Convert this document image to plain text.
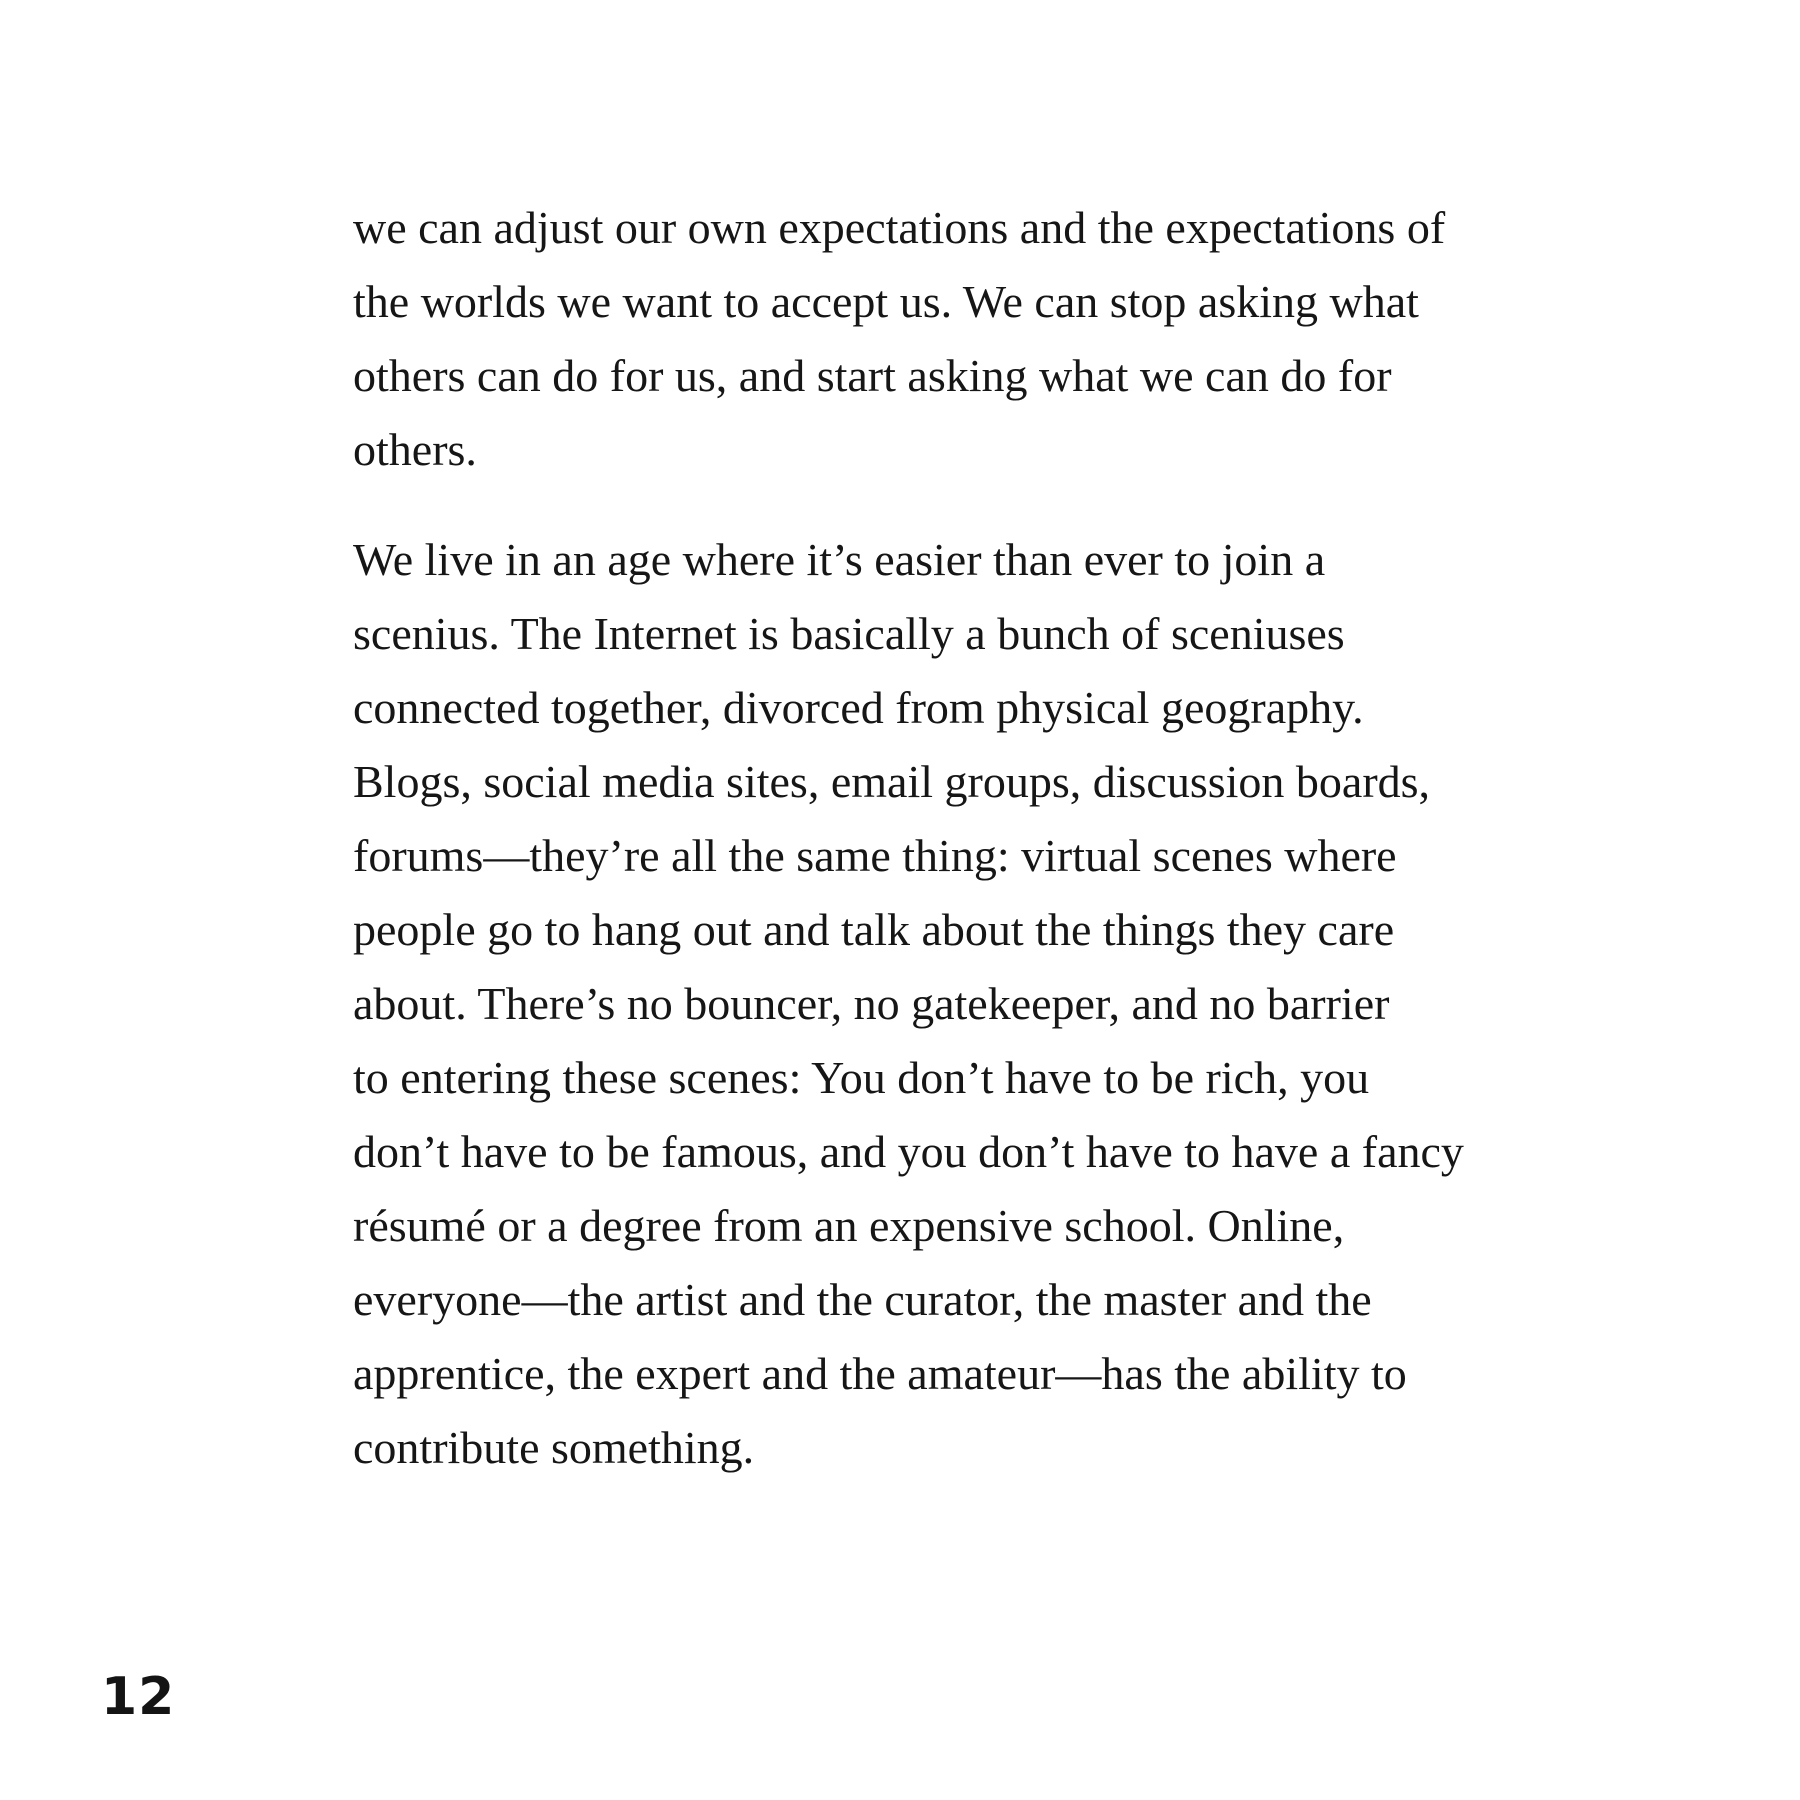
we can adjust our own expectations and the expectations of
the worlds we want to accept us. We can stop asking what
others can do for us, and start asking what we can do for
others.
We live in an age where it’s easier than ever to join a
scenius. The Internet is basically a bunch of sceniuses
connected together, divorced from physical geography.
Blogs, social media sites, email groups, discussion boards,
forums—they’re all the same thing: virtual scenes where
people go to hang out and talk about the things they care
about. There’s no bouncer, no gatekeeper, and no barrier
to entering these scenes: You don’t have to be rich, you
don’t have to be famous, and you don’t have to have a fancy
résumé or a degree from an expensive school. Online,
everyone—the artist and the curator, the master and the
apprentice, the expert and the amateur—has the ability to
contribute something.
12
